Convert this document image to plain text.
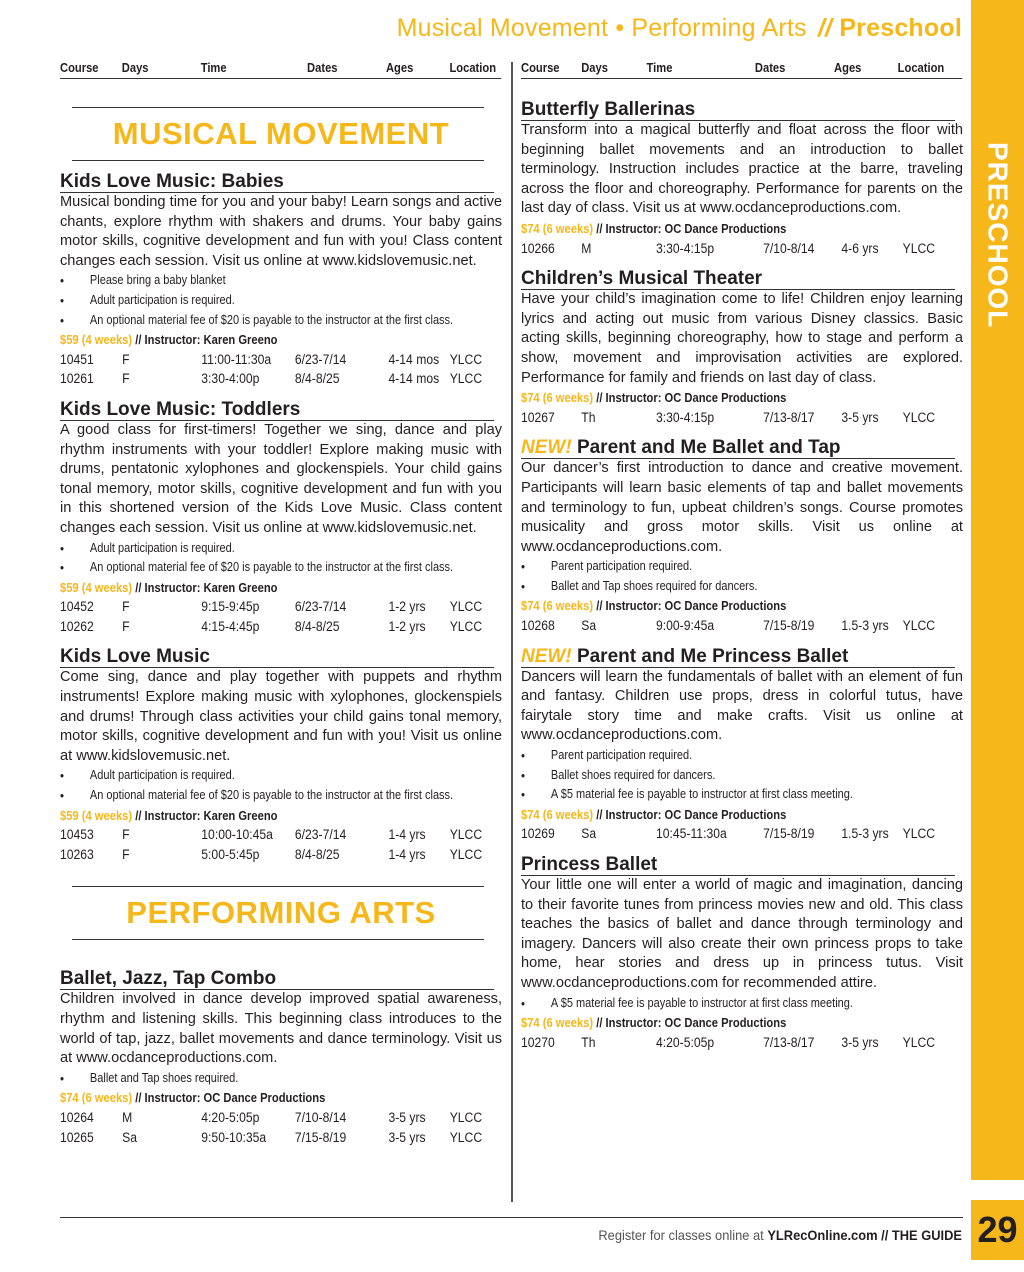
Musical Movement • Performing Arts // Preschool
PRESCHOOL
Course	Days	Time	Dates	Ages	Location
MUSICAL MOVEMENT
Kids Love Music: Babies

Musical bonding time for you and your baby! Learn songs and active chants, explore rhythm with shakers and drums. Your baby gains motor skills, cognitive development and fun with you! Class content changes each session. Visit us online at www.kidslovemusic.net.

• Please bring a baby blanket
• Adult participation is required.
• An optional material fee of $20 is payable to the instructor at the first class.
$59 (4 weeks) // Instructor: Karen Greeno
10451	F	11:00-11:30a	6/23-7/14	4-14 mos YLCC
10261	F	3:30-4:00p	8/4-8/25	4-14 mos YLCC
Kids Love Music: Toddlers

A good class for first-timers! Together we sing, dance and play rhythm instruments with your toddler! Explore making music with drums, pentatonic xylophones and glockenspiels. Your child gains tonal memory, motor skills, cognitive development and fun with you in this shortened version of the Kids Love Music. Class content changes each session. Visit us online at www.kidslovemusic.net.

• Adult participation is required.
• An optional material fee of $20 is payable to the instructor at the first class.
$59 (4 weeks) // Instructor: Karen Greeno
10452	F	9:15-9:45p	6/23-7/14	1-2 yrs	YLCC
10262	F	4:15-4:45p	8/4-8/25	1-2 yrs	YLCC
Kids Love Music

Come sing, dance and play together with puppets and rhythm instruments! Explore making music with xylophones, glockenspiels and drums! Through class activities your child gains tonal memory, motor skills, cognitive development and fun with you! Visit us online at www.kidslovemusic.net.

• Adult participation is required.
• An optional material fee of $20 is payable to the instructor at the first class.
$59 (4 weeks) // Instructor: Karen Greeno
10453	F	10:00-10:45a	6/23-7/14	1-4 yrs	YLCC
10263	F	5:00-5:45p	8/4-8/25	1-4 yrs	YLCC
PERFORMING ARTS
Ballet, Jazz, Tap Combo

Children involved in dance develop improved spatial awareness, rhythm and listening skills. This beginning class introduces to the world of tap, jazz, ballet movements and dance terminology. Visit us at www.ocdanceproductions.com.

• Ballet and Tap shoes required.
$74 (6 weeks) // Instructor: OC Dance Productions
10264	M	4:20-5:05p	7/10-8/14	3-5 yrs	YLCC
10265	Sa	9:50-10:35a	7/15-8/19	3-5 yrs	YLCC
Course	Days	Time	Dates	Ages	Location
Butterfly Ballerinas

Transform into a magical butterfly and float across the floor with beginning ballet movements and an introduction to ballet terminology. Instruction includes practice at the barre, traveling across the floor and choreography. Performance for parents on the last day of class. Visit us at www.ocdanceproductions.com.

$74 (6 weeks) // Instructor: OC Dance Productions
10266	M	3:30-4:15p	7/10-8/14	4-6 yrs	YLCC
Children’s Musical Theater

Have your child’s imagination come to life! Children enjoy learning lyrics and acting out music from various Disney classics. Basic acting skills, beginning choreography, how to stage and perform a show, movement and improvisation activities are explored. Performance for family and friends on last day of class.

$74 (6 weeks) // Instructor: OC Dance Productions
10267	Th	3:30-4:15p	7/13-8/17	3-5 yrs	YLCC
NEW! Parent and Me Ballet and Tap

Our dancer’s first introduction to dance and creative movement. Participants will learn basic elements of tap and ballet movements and terminology to fun, upbeat children’s songs. Course promotes musicality and gross motor skills. Visit us online at www.ocdanceproductions.com.

• Parent participation required.
• Ballet and Tap shoes required for dancers.
$74 (6 weeks) // Instructor: OC Dance Productions
10268	Sa	9:00-9:45a	7/15-8/19	1.5-3 yrs	YLCC
NEW! Parent and Me Princess Ballet

Dancers will learn the fundamentals of ballet with an element of fun and fantasy. Children use props, dress in colorful tutus, have fairytale story time and make crafts. Visit us online at www.ocdanceproductions.com.

• Parent participation required.
• Ballet shoes required for dancers.
• A $5 material fee is payable to instructor at first class meeting.
$74 (6 weeks) // Instructor: OC Dance Productions
10269	Sa	10:45-11:30a	7/15-8/19	1.5-3 yrs	YLCC
Princess Ballet

Your little one will enter a world of magic and imagination, dancing to their favorite tunes from princess movies new and old. This class teaches the basics of ballet and dance through terminology and imagery. Dancers will also create their own princess props to take home, hear stories and dress up in princess tutus. Visit www.ocdanceproductions.com for recommended attire.

• A $5 material fee is payable to instructor at first class meeting.
$74 (6 weeks) // Instructor: OC Dance Productions
10270	Th	4:20-5:05p	7/13-8/17	3-5 yrs	YLCC
Register for classes online at YLRecOnline.com // THE GUIDE 29
